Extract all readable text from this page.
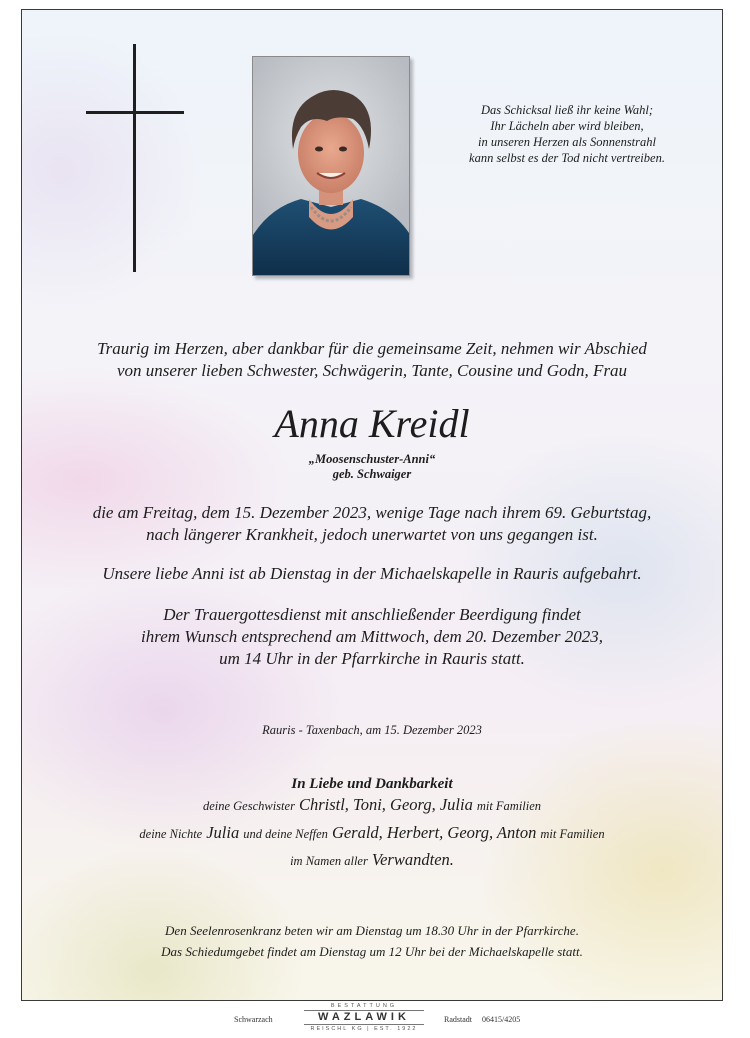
Das Schicksal ließ ihr keine Wahl;
Ihr Lächeln aber wird bleiben,
in unseren Herzen als Sonnenstrahl
kann selbst es der Tod nicht vertreiben.
Traurig im Herzen, aber dankbar für die gemeinsame Zeit, nehmen wir Abschied
von unserer lieben Schwester, Schwägerin, Tante, Cousine und Godn, Frau
Anna Kreidl
„Moosenschuster-Anni“
geb. Schwaiger
die am Freitag, dem 15. Dezember 2023, wenige Tage nach ihrem 69. Geburtstag,
nach längerer Krankheit, jedoch unerwartet von uns gegangen ist.
Unsere liebe Anni ist ab Dienstag in der Michaelskapelle in Rauris aufgebahrt.
Der Trauergottesdienst mit anschließender Beerdigung findet
ihrem Wunsch entsprechend am Mittwoch, dem 20. Dezember 2023,
um 14 Uhr in der Pfarrkirche in Rauris statt.
Rauris - Taxenbach, am 15. Dezember 2023
In Liebe und Dankbarkeit
deine Geschwister Christl, Toni, Georg, Julia mit Familien
deine Nichte Julia und deine Neffen Gerald, Herbert, Georg, Anton mit Familien
im Namen aller Verwandten.
Den Seelenrosenkranz beten wir am Dienstag um 18.30 Uhr in der Pfarrkirche.
Das Schiedumgebet findet am Dienstag um 12 Uhr bei der Michaelskapelle statt.
Schwarzach
BESTATTUNG
WAZLAWIK
REISCHL KG | EST. 1922
Radstadt 06415/4205
